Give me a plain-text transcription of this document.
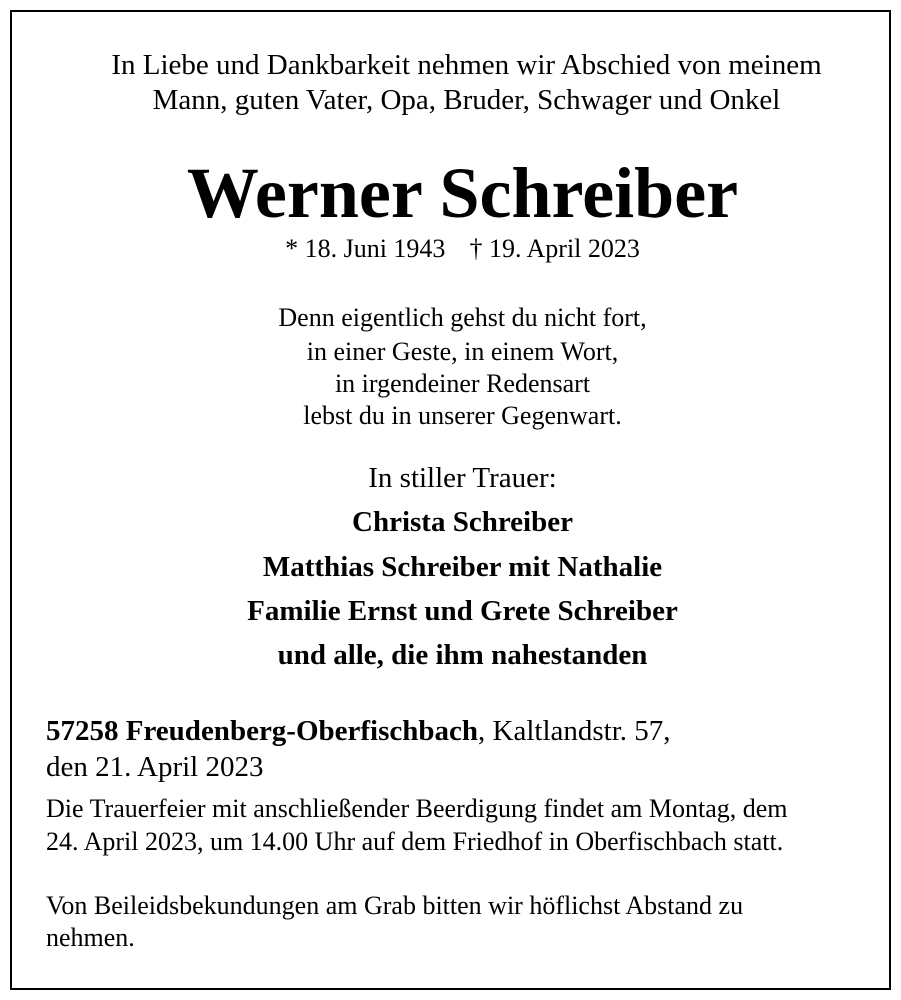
In Liebe und Dankbarkeit nehmen wir Abschied von meinem
Mann, guten Vater, Opa, Bruder, Schwager und Onkel
Werner Schreiber
* 18. Juni 1943 † 19. April 2023
Denn eigentlich gehst du nicht fort,
in einer Geste, in einem Wort,
in irgendeiner Redensart
lebst du in unserer Gegenwart.
In stiller Trauer:
Christa Schreiber
Matthias Schreiber mit Nathalie
Familie Ernst und Grete Schreiber
und alle, die ihm nahestanden
57258 Freudenberg-Oberfischbach, Kaltlandstr. 57,
den 21. April 2023
Die Trauerfeier mit anschließender Beerdigung findet am Montag, dem
24. April 2023, um 14.00 Uhr auf dem Friedhof in Oberfischbach statt.
Von Beileidsbekundungen am Grab bitten wir höflichst Abstand zu
nehmen.
